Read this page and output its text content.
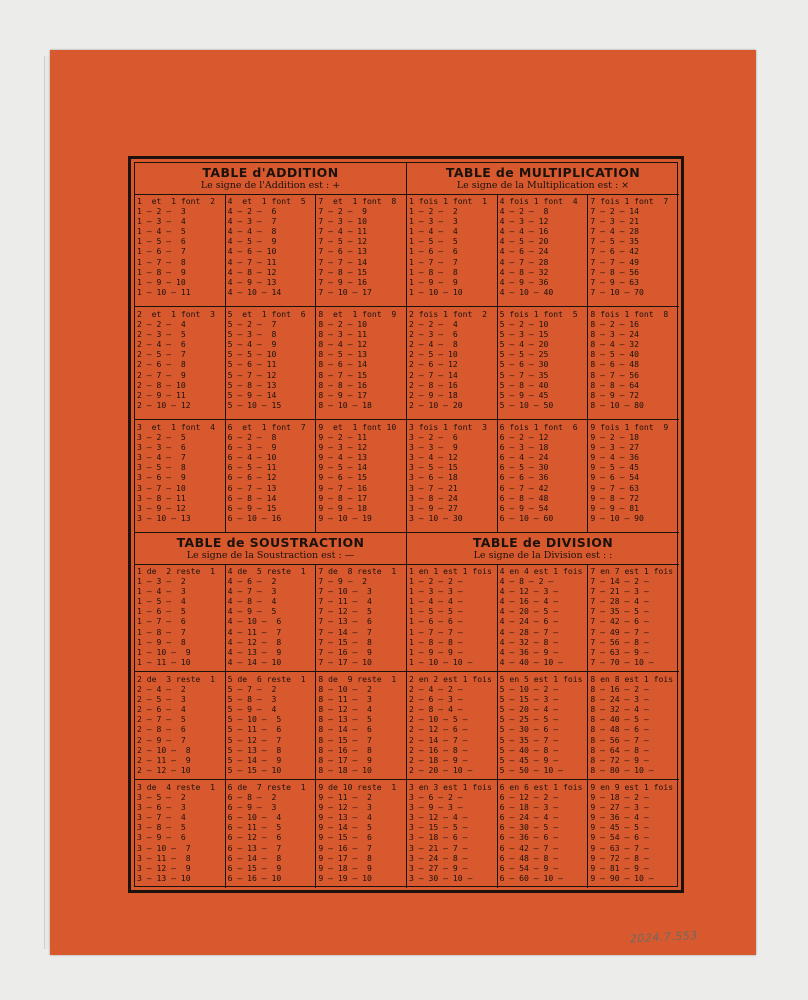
TABLE d'ADDITION
Le signe de l'Addition est : +
1  et  1 font  2
1 — 2 —  3
1 — 3 —  4
1 — 4 —  5
1 — 5 —  6
1 — 6 —  7
1 — 7 —  8
1 — 8 —  9
1 — 9 — 10
1 — 10 — 11
4  et  1 font  5
4 — 2 —  6
4 — 3 —  7
4 — 4 —  8
4 — 5 —  9
4 — 6 — 10
4 — 7 — 11
4 — 8 — 12
4 — 9 — 13
4 — 10 — 14
7  et  1 font  8
7 — 2 —  9
7 — 3 — 10
7 — 4 — 11
7 — 5 — 12
7 — 6 — 13
7 — 7 — 14
7 — 8 — 15
7 — 9 — 16
7 — 10 — 17
2  et  1 font  3
2 — 2 —  4
2 — 3 —  5
2 — 4 —  6
2 — 5 —  7
2 — 6 —  8
2 — 7 —  9
2 — 8 — 10
2 — 9 — 11
2 — 10 — 12
5  et  1 font  6
5 — 2 —  7
5 — 3 —  8
5 — 4 —  9
5 — 5 — 10
5 — 6 — 11
5 — 7 — 12
5 — 8 — 13
5 — 9 — 14
5 — 10 — 15
8  et  1 font  9
8 — 2 — 10
8 — 3 — 11
8 — 4 — 12
8 — 5 — 13
8 — 6 — 14
8 — 7 — 15
8 — 8 — 16
8 — 9 — 17
8 — 10 — 18
3  et  1 font  4
3 — 2 —  5
3 — 3 —  6
3 — 4 —  7
3 — 5 —  8
3 — 6 —  9
3 — 7 — 10
3 — 8 — 11
3 — 9 — 12
3 — 10 — 13
6  et  1 font  7
6 — 2 —  8
6 — 3 —  9
6 — 4 — 10
6 — 5 — 11
6 — 6 — 12
6 — 7 — 13
6 — 8 — 14
6 — 9 — 15
6 — 10 — 16
9  et  1 font 10
9 — 2 — 11
9 — 3 — 12
9 — 4 — 13
9 — 5 — 14
9 — 6 — 15
9 — 7 — 16
9 — 8 — 17
9 — 9 — 18
9 — 10 — 19
TABLE de MULTIPLICATION
Le signe de la Multiplication est : ×
1 fois 1 font  1
1 — 2 —  2
1 — 3 —  3
1 — 4 —  4
1 — 5 —  5
1 — 6 —  6
1 — 7 —  7
1 — 8 —  8
1 — 9 —  9
1 — 10 — 10
4 fois 1 font  4
4 — 2 —  8
4 — 3 — 12
4 — 4 — 16
4 — 5 — 20
4 — 6 — 24
4 — 7 — 28
4 — 8 — 32
4 — 9 — 36
4 — 10 — 40
7 fois 1 font  7
7 — 2 — 14
7 — 3 — 21
7 — 4 — 28
7 — 5 — 35
7 — 6 — 42
7 — 7 — 49
7 — 8 — 56
7 — 9 — 63
7 — 10 — 70
2 fois 1 font  2
2 — 2 —  4
2 — 3 —  6
2 — 4 —  8
2 — 5 — 10
2 — 6 — 12
2 — 7 — 14
2 — 8 — 16
2 — 9 — 18
2 — 10 — 20
5 fois 1 font  5
5 — 2 — 10
5 — 3 — 15
5 — 4 — 20
5 — 5 — 25
5 — 6 — 30
5 — 7 — 35
5 — 8 — 40
5 — 9 — 45
5 — 10 — 50
8 fois 1 font  8
8 — 2 — 16
8 — 3 — 24
8 — 4 — 32
8 — 5 — 40
8 — 6 — 48
8 — 7 — 56
8 — 8 — 64
8 — 9 — 72
8 — 10 — 80
3 fois 1 font  3
3 — 2 —  6
3 — 3 —  9
3 — 4 — 12
3 — 5 — 15
3 — 6 — 18
3 — 7 — 21
3 — 8 — 24
3 — 9 — 27
3 — 10 — 30
6 fois 1 font  6
6 — 2 — 12
6 — 3 — 18
6 — 4 — 24
6 — 5 — 30
6 — 6 — 36
6 — 7 — 42
6 — 8 — 48
6 — 9 — 54
6 — 10 — 60
9 fois 1 font  9
9 — 2 — 18
9 — 3 — 27
9 — 4 — 36
9 — 5 — 45
9 — 6 — 54
9 — 7 — 63
9 — 8 — 72
9 — 9 — 81
9 — 10 — 90
TABLE de SOUSTRACTION
Le signe de la Soustraction est : —
1 de  2 reste  1
1 — 3 —  2
1 — 4 —  3
1 — 5 —  4
1 — 6 —  5
1 — 7 —  6
1 — 8 —  7
1 — 9 —  8
1 — 10 —  9
1 — 11 — 10
4 de  5 reste  1
4 — 6 —  2
4 — 7 —  3
4 — 8 —  4
4 — 9 —  5
4 — 10 —  6
4 — 11 —  7
4 — 12 —  8
4 — 13 —  9
4 — 14 — 10
7 de  8 reste  1
7 — 9 —  2
7 — 10 —  3
7 — 11 —  4
7 — 12 —  5
7 — 13 —  6
7 — 14 —  7
7 — 15 —  8
7 — 16 —  9
7 — 17 — 10
2 de  3 reste  1
2 — 4 —  2
2 — 5 —  3
2 — 6 —  4
2 — 7 —  5
2 — 8 —  6
2 — 9 —  7
2 — 10 —  8
2 — 11 —  9
2 — 12 — 10
5 de  6 reste  1
5 — 7 —  2
5 — 8 —  3
5 — 9 —  4
5 — 10 —  5
5 — 11 —  6
5 — 12 —  7
5 — 13 —  8
5 — 14 —  9
5 — 15 — 10
8 de  9 reste  1
8 — 10 —  2
8 — 11 —  3
8 — 12 —  4
8 — 13 —  5
8 — 14 —  6
8 — 15 —  7
8 — 16 —  8
8 — 17 —  9
8 — 18 — 10
3 de  4 reste  1
3 — 5 —  2
3 — 6 —  3
3 — 7 —  4
3 — 8 —  5
3 — 9 —  6
3 — 10 —  7
3 — 11 —  8
3 — 12 —  9
3 — 13 — 10
6 de  7 reste  1
6 — 8 —  2
6 — 9 —  3
6 — 10 —  4
6 — 11 —  5
6 — 12 —  6
6 — 13 —  7
6 — 14 —  8
6 — 15 —  9
6 — 16 — 10
9 de 10 reste  1
9 — 11 —  2
9 — 12 —  3
9 — 13 —  4
9 — 14 —  5
9 — 15 —  6
9 — 16 —  7
9 — 17 —  8
9 — 18 —  9
9 — 19 — 10
TABLE de DIVISION
Le signe de la Division est : :
1 en 1 est 1 fois
1 — 2 — 2 —
1 — 3 — 3 —
1 — 4 — 4 —
1 — 5 — 5 —
1 — 6 — 6 —
1 — 7 — 7 —
1 — 8 — 8 —
1 — 9 — 9 —
1 — 10 — 10 —
4 en 4 est 1 fois
4 — 8 — 2 —
4 — 12 — 3 —
4 — 16 — 4 —
4 — 20 — 5 —
4 — 24 — 6 —
4 — 28 — 7 —
4 — 32 — 8 —
4 — 36 — 9 —
4 — 40 — 10 —
7 en 7 est 1 fois
7 — 14 — 2 —
7 — 21 — 3 —
7 — 28 — 4 —
7 — 35 — 5 —
7 — 42 — 6 —
7 — 49 — 7 —
7 — 56 — 8 —
7 — 63 — 9 —
7 — 70 — 10 —
2 en 2 est 1 fois
2 — 4 — 2 —
2 — 6 — 3 —
2 — 8 — 4 —
2 — 10 — 5 —
2 — 12 — 6 —
2 — 14 — 7 —
2 — 16 — 8 —
2 — 18 — 9 —
2 — 20 — 10 —
5 en 5 est 1 fois
5 — 10 — 2 —
5 — 15 — 3 —
5 — 20 — 4 —
5 — 25 — 5 —
5 — 30 — 6 —
5 — 35 — 7 —
5 — 40 — 8 —
5 — 45 — 9 —
5 — 50 — 10 —
8 en 8 est 1 fois
8 — 16 — 2 —
8 — 24 — 3 —
8 — 32 — 4 —
8 — 40 — 5 —
8 — 48 — 6 —
8 — 56 — 7 —
8 — 64 — 8 —
8 — 72 — 9 —
8 — 80 — 10 —
3 en 3 est 1 fois
3 — 6 — 2 —
3 — 9 — 3 —
3 — 12 — 4 —
3 — 15 — 5 —
3 — 18 — 6 —
3 — 21 — 7 —
3 — 24 — 8 —
3 — 27 — 9 —
3 — 30 — 10 —
6 en 6 est 1 fois
6 — 12 — 2 —
6 — 18 — 3 —
6 — 24 — 4 —
6 — 30 — 5 —
6 — 36 — 6 —
6 — 42 — 7 —
6 — 48 — 8 —
6 — 54 — 9 —
6 — 60 — 10 —
9 en 9 est 1 fois
9 — 18 — 2 —
9 — 27 — 3 —
9 — 36 — 4 —
9 — 45 — 5 —
9 — 54 — 6 —
9 — 63 — 7 —
9 — 72 — 8 —
9 — 81 — 9 —
9 — 90 — 10 —
2024.7.553
